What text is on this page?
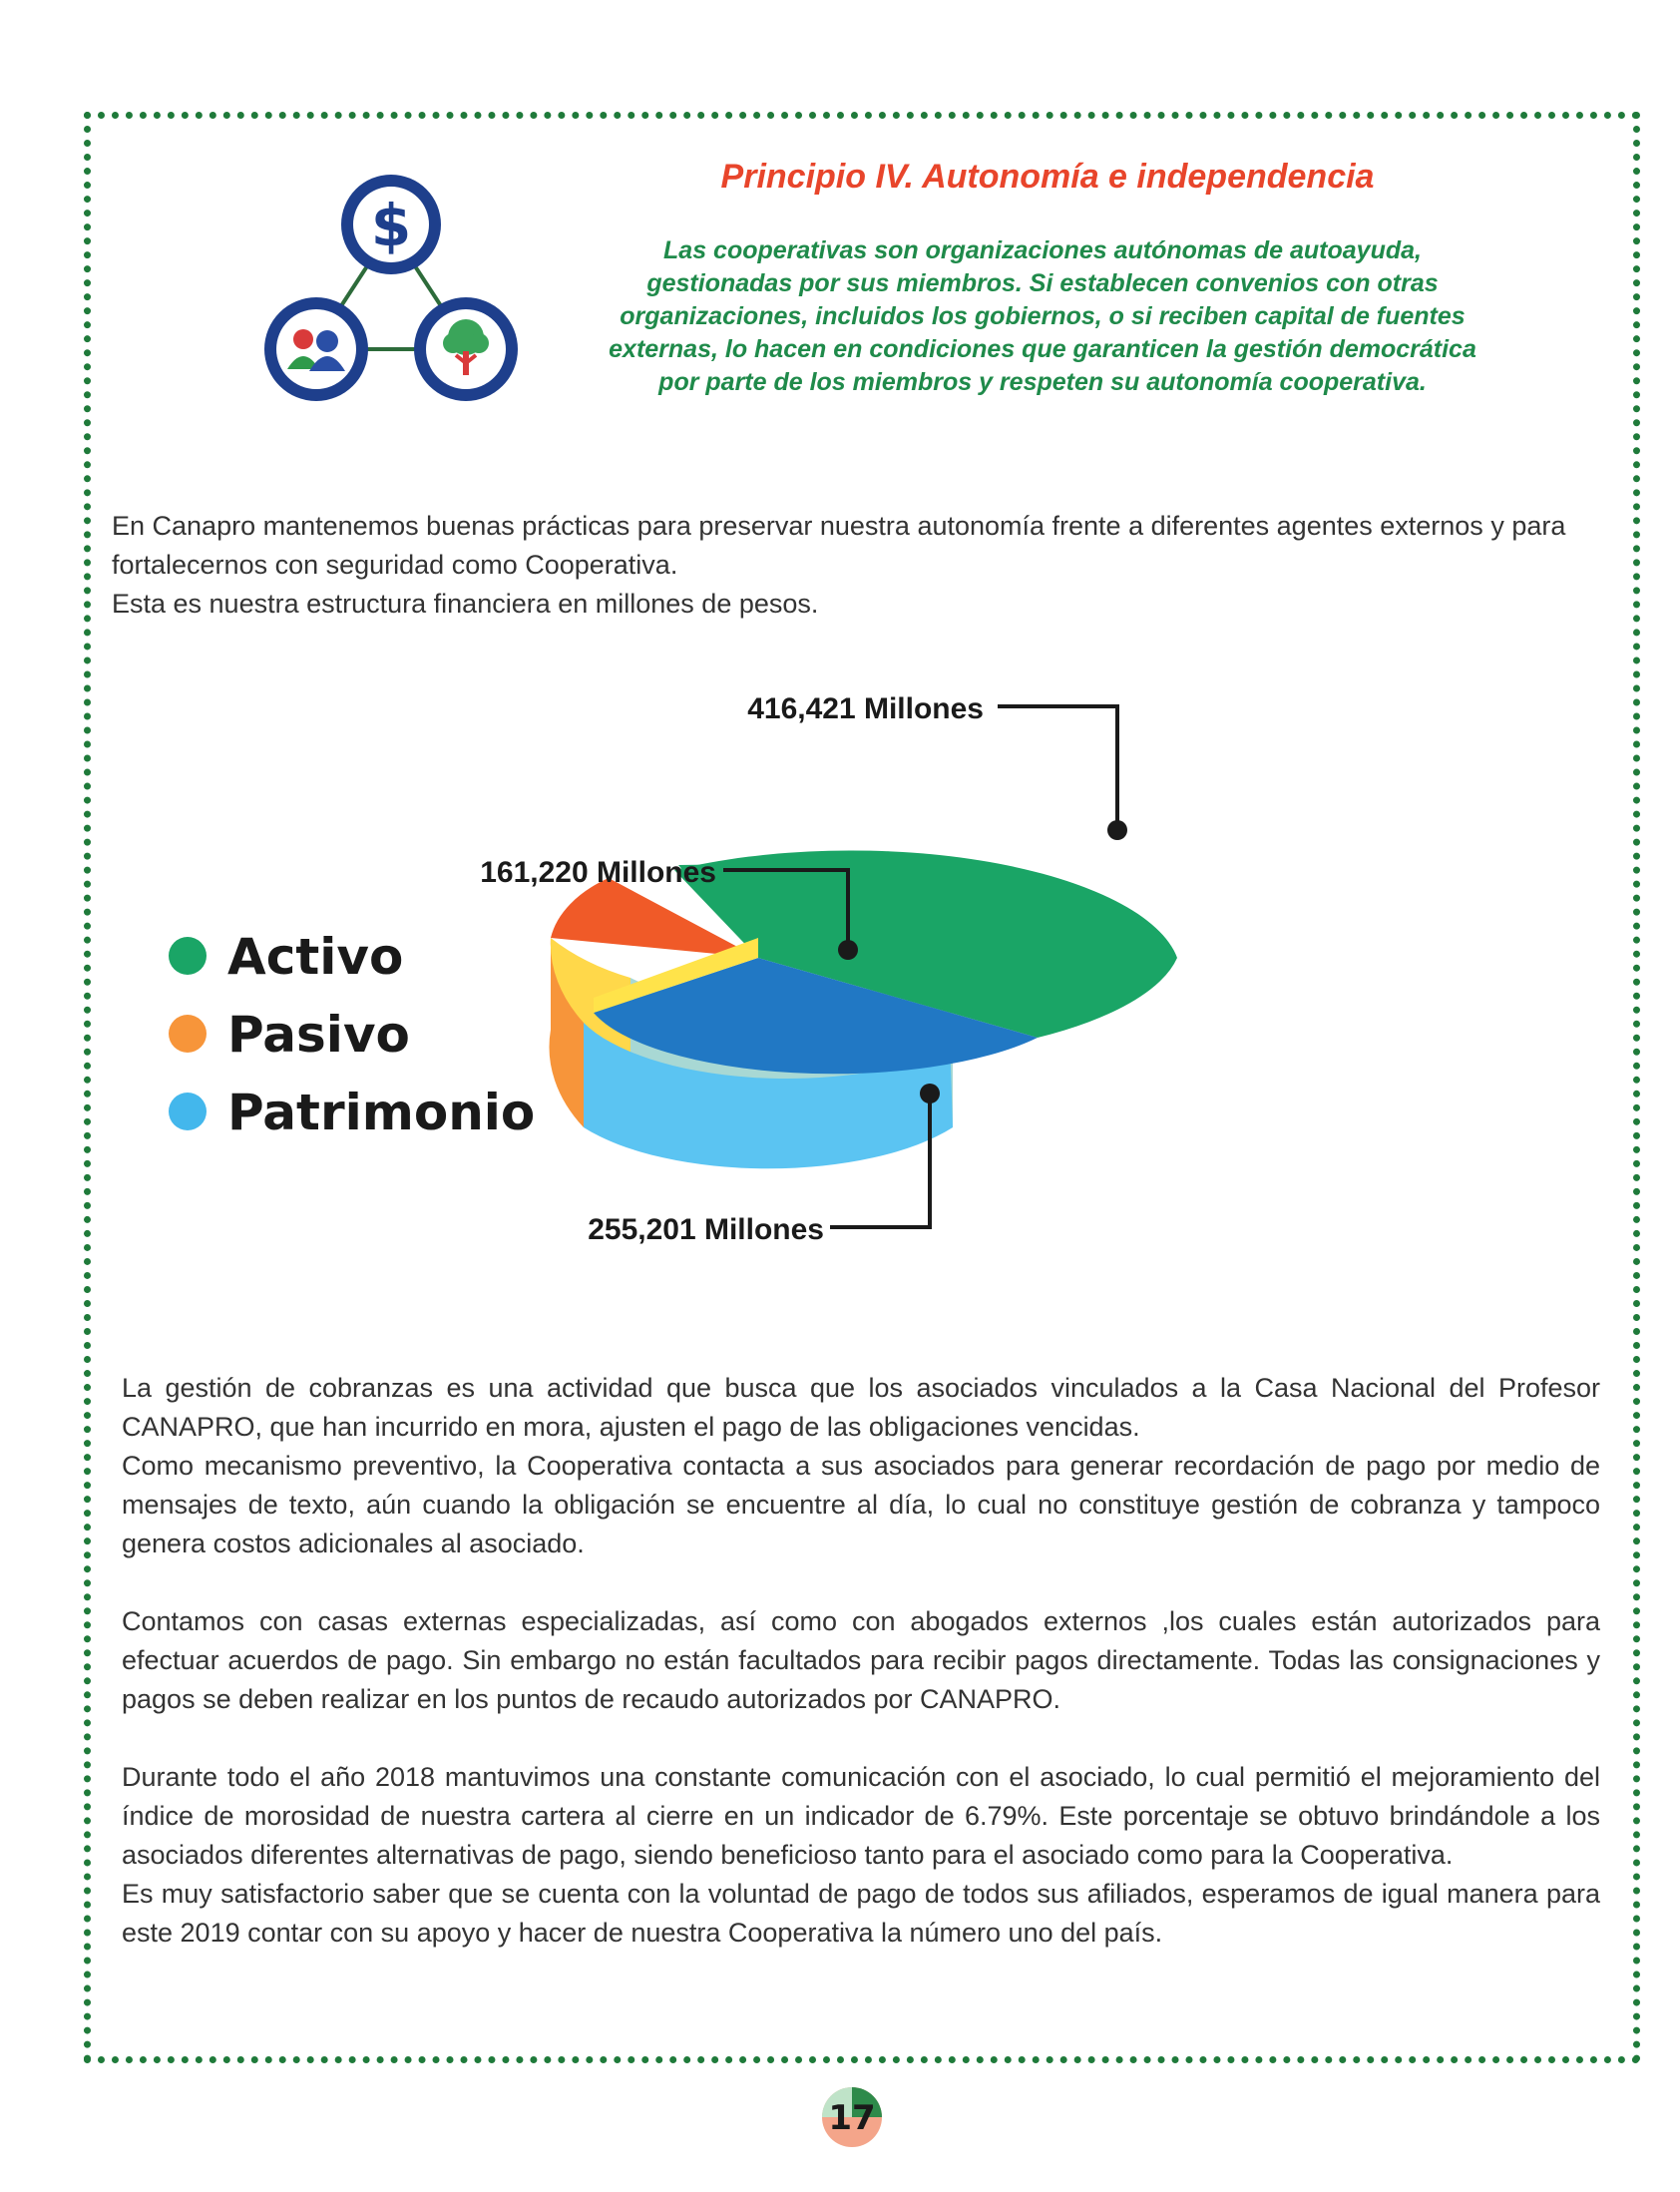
$
Principio IV. Autonomía e independencia
Las cooperativas son organizaciones autónomas de autoayuda, gestionadas por sus miembros. Si establecen convenios con otras organizaciones, incluidos los gobiernos, o si reciben capital de fuentes externas, lo hacen en condiciones que garanticen la gestión democrática por parte de los miembros y respeten su autonomía cooperativa.

En Canapro mantenemos buenas prácticas para preservar nuestra autonomía frente a diferentes agentes externos y para fortalecernos con seguridad como Cooperativa.

Esta es nuestra estructura financiera en millones de pesos.

416,421 Millones
161,220 Millones
255,201 Millones
Activo
Pasivo
Patrimonio

La gestión de cobranzas es una actividad que busca que los asociados vinculados a la Casa Nacional del Profesor CANAPRO, que han incurrido en mora, ajusten el pago de las obligaciones vencidas.

Como mecanismo preventivo, la Cooperativa contacta a sus asociados para generar recordación de pago por medio de mensajes de texto, aún cuando la obligación se encuentre al día, lo cual no constituye gestión de cobranza y tampoco genera costos adicionales al asociado.

Contamos con casas externas especializadas, así como con abogados externos ,los cuales están autorizados para efectuar acuerdos de pago. Sin embargo no están facultados para recibir pagos directamente. Todas las consignaciones y pagos se deben realizar en los puntos de recaudo autorizados por CANAPRO.

Durante todo el año 2018 mantuvimos una constante comunicación con el asociado, lo cual permitió el mejoramiento del índice de morosidad de nuestra cartera al cierre en un indicador de 6.79%. Este porcentaje se obtuvo brindándole a los asociados diferentes alternativas de pago, siendo beneficioso tanto para el asociado como para la Cooperativa.

Es muy satisfactorio saber que se cuenta con la voluntad de pago de todos sus afiliados, esperamos de igual manera para este 2019 contar con su apoyo y hacer de nuestra Cooperativa la número uno del país.

17
